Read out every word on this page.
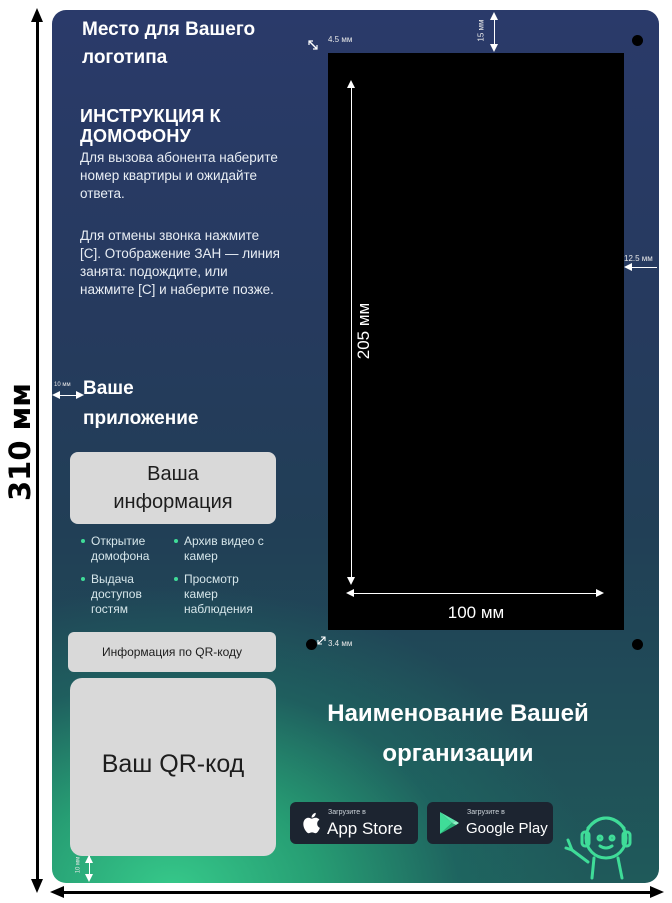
310 мм
Место для Вашего логотипа
4.5 мм	15 мм
ИНСТРУКЦИЯ К ДОМОФОНУ
Для вызова абонента наберите номер квартиры и ожидайте ответа.
Для отмены звонка нажмите [C]. Отображение ЗАН — линия занята: подождите, или нажмите [C] и наберите позже.
10 мм Ваше приложение
Ваша информация
Открытие домофона
Архив видео с камер
Выдача доступов гостям
Просмотр камер наблюдения
Информация по QR-коду
Ваш QR-код
10 мм
205 мм
100 мм
12.5 мм
3.4 мм
Наименование Вашей организации
Загрузите в
App Store
Загрузите в
Google Play
